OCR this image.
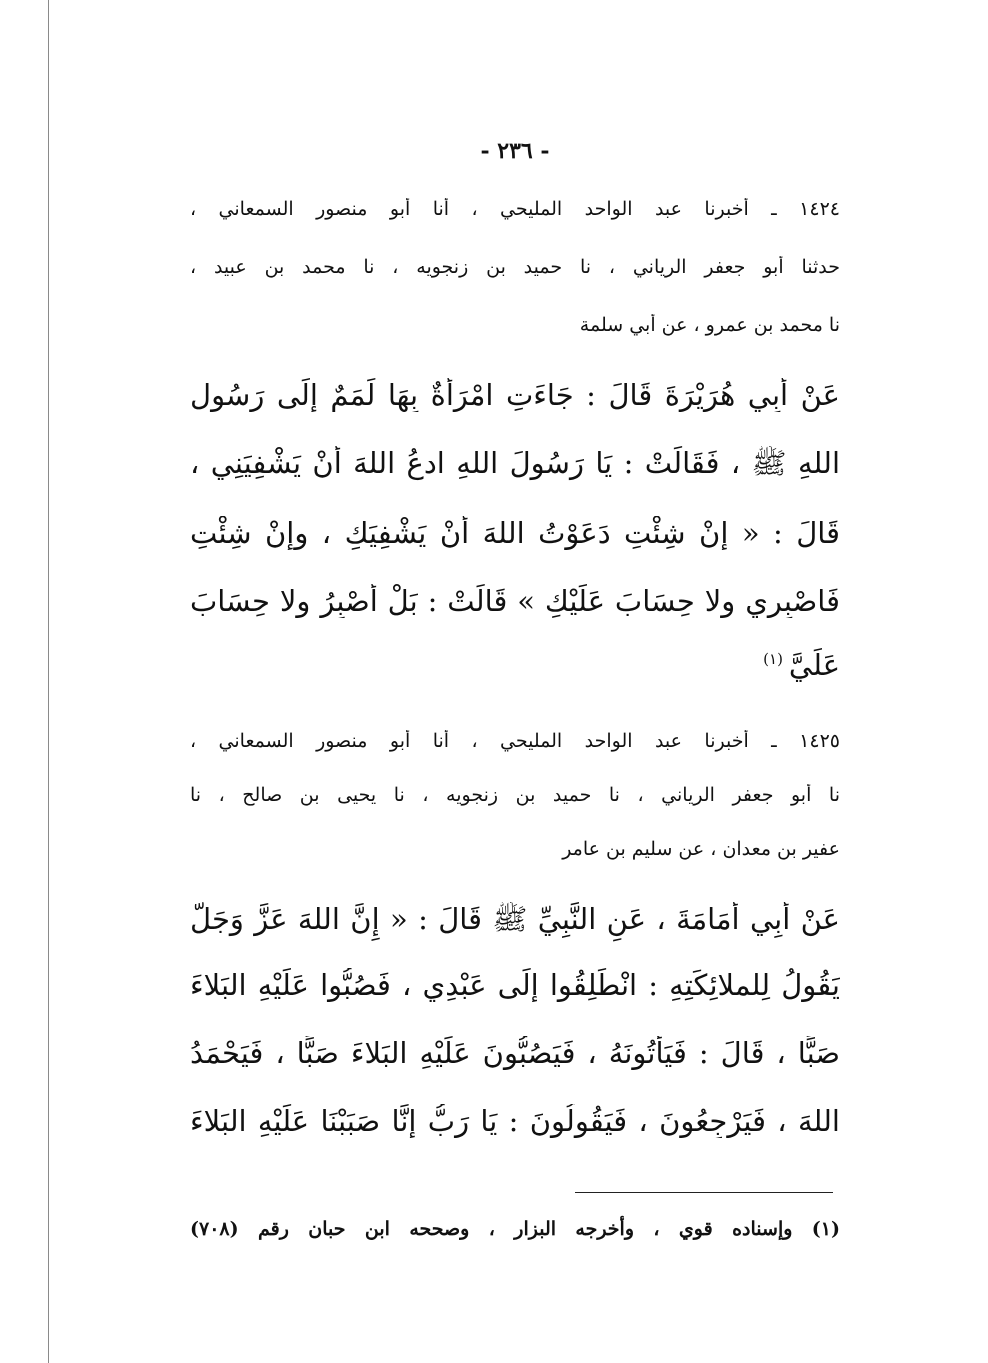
- ٢٣٦ -
١٤٢٤ ـ أخبرنا عبد الواحد المليحي ، أنا أبو منصور السمعاني ،
حدثنا أبو جعفر الرياني ، نا حميد بن زنجويه ، نا محمد بن عبيد ،
نا محمد بن عمرو ، عن أبي سلمة
عَنْ أَبِي هُرَيْرَةَ قَالَ : جَاءَتِ امْرَأَةٌ بِهَا لَمَمٌ إِلَى رَسُولِ
اللهِ ﷺ ، فَقَالَتْ : يَا رَسُولَ اللهِ ادعُ اللهَ أَنْ يَشْفِيَنِي ،
قَالَ : « إِنْ شِئْتِ دَعَوْتُ اللهَ أَنْ يَشْفِيَكِ ، وإِنْ شِئْتِ
فَاصْبِرِي ولا حِسَابَ عَلَيْكِ » قَالَتْ : بَلْ أَصْبِرُ ولا حِسَابَ
عَلَيَّ$^{(١)}$
١٤٢٥ ـ أخبرنا عبد الواحد المليحي ، أنا أبو منصور السمعاني ،
نا أبو جعفر الرياني ، نا حميد بن زنجويه ، نا يحيى بن صالح ، نا
عفير بن معدان ، عن سليم بن عامر
عَنْ أَبِي أُمَامَةَ ، عَنِ النَّبِيِّ ﷺ قَالَ : « إِنَّ اللهَ عَزَّ وَجَلَّ
يَقُولُ لِلملائِكَتِهِ : انْطَلِقُوا إِلَى عَبْدِي ، فَصُبُّوا عَلَيْهِ البَلاءَ
صَبًّا ، قَالَ : فَيَأْتُونَهُ ، فَيَصُبُّونَ عَلَيْهِ البَلاءَ صَبًّا ، فَيَحْمَدُ
اللهَ ، فَيَرْجِعُونَ ، فَيَقُولُونَ : يَا رَبُّ إِنَّا صَبَبْنَا عَلَيْهِ البَلاءَ
(١) وإسناده قوي ، وأخرجه البزار ، وصححه ابن حبان رقم (٧٠٨)
